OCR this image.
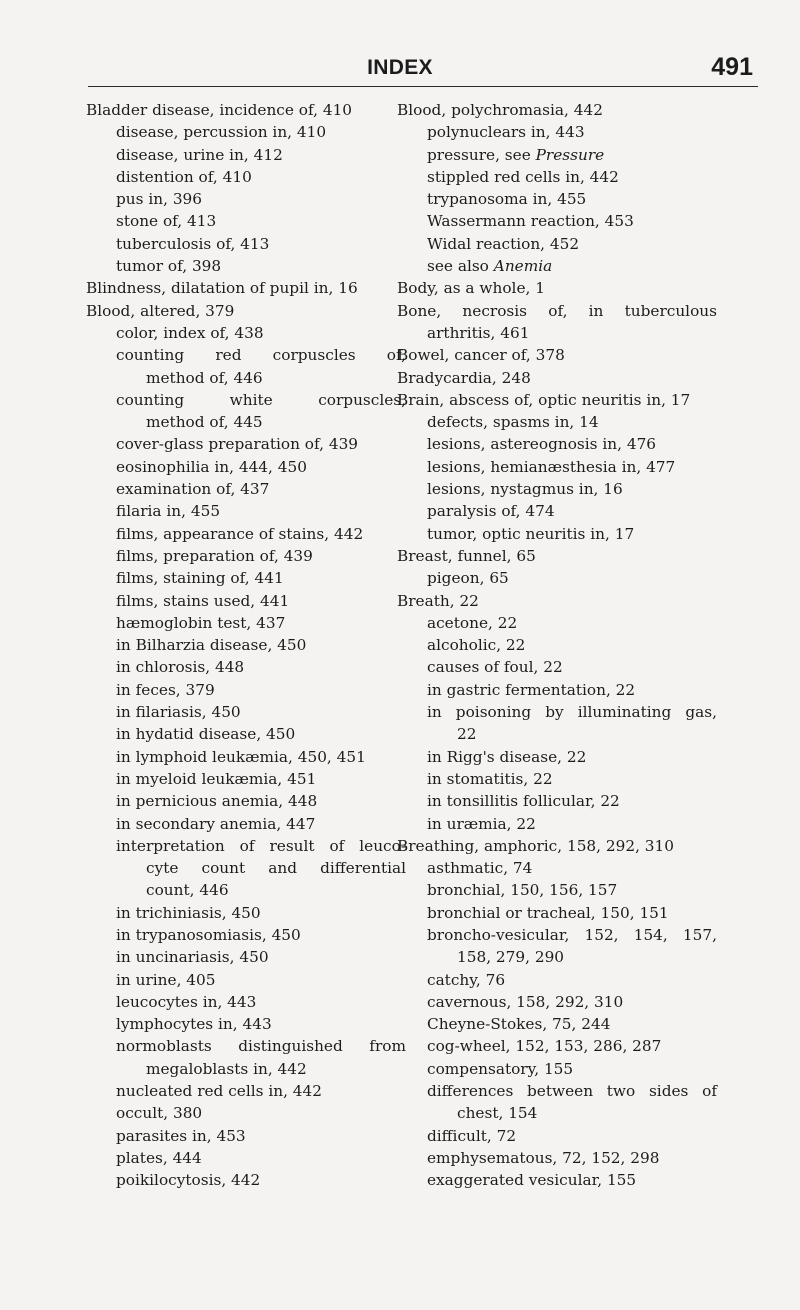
INDEX	491
Bladder disease, incidence of, 410
disease, percussion in, 410
disease, urine in, 412
distention of, 410
pus in, 396
stone of, 413
tuberculosis of, 413
tumor of, 398
Blindness, dilatation of pupil in, 16
Blood, altered, 379
color, index of, 438
counting red corpuscles of,
method of, 446
counting white corpuscles,
method of, 445
cover-glass preparation of, 439
eosinophilia in, 444, 450
examination of, 437
filaria in, 455
films, appearance of stains, 442
films, preparation of, 439
films, staining of, 441
films, stains used, 441
hæmoglobin test, 437
in Bilharzia disease, 450
in chlorosis, 448
in feces, 379
in filariasis, 450
in hydatid disease, 450
in lymphoid leukæmia, 450, 451
in myeloid leukæmia, 451
in pernicious anemia, 448
in secondary anemia, 447
interpretation of result of leuco-
cyte count and differential
count, 446
in trichiniasis, 450
in trypanosomiasis, 450
in uncinariasis, 450
in urine, 405
leucocytes in, 443
lymphocytes in, 443
normoblasts distinguished from
megaloblasts in, 442
nucleated red cells in, 442
occult, 380
parasites in, 453
plates, 444
poikilocytosis, 442
Blood, polychromasia, 442
polynuclears in, 443
pressure, see Pressure
stippled red cells in, 442
trypanosoma in, 455
Wassermann reaction, 453
Widal reaction, 452
see also Anemia
Body, as a whole, 1
Bone, necrosis of, in tuberculous
arthritis, 461
Bowel, cancer of, 378
Bradycardia, 248
Brain, abscess of, optic neuritis in, 17
defects, spasms in, 14
lesions, astereognosis in, 476
lesions, hemianæsthesia in, 477
lesions, nystagmus in, 16
paralysis of, 474
tumor, optic neuritis in, 17
Breast, funnel, 65
pigeon, 65
Breath, 22
acetone, 22
alcoholic, 22
causes of foul, 22
in gastric fermentation, 22
in poisoning by illuminating gas,
22
in Rigg's disease, 22
in stomatitis, 22
in tonsillitis follicular, 22
in uræmia, 22
Breathing, amphoric, 158, 292, 310
asthmatic, 74
bronchial, 150, 156, 157
bronchial or tracheal, 150, 151
broncho-vesicular, 152, 154, 157,
158, 279, 290
catchy, 76
cavernous, 158, 292, 310
Cheyne-Stokes, 75, 244
cog-wheel, 152, 153, 286, 287
compensatory, 155
differences between two sides of
chest, 154
difficult, 72
emphysematous, 72, 152, 298
exaggerated vesicular, 155
